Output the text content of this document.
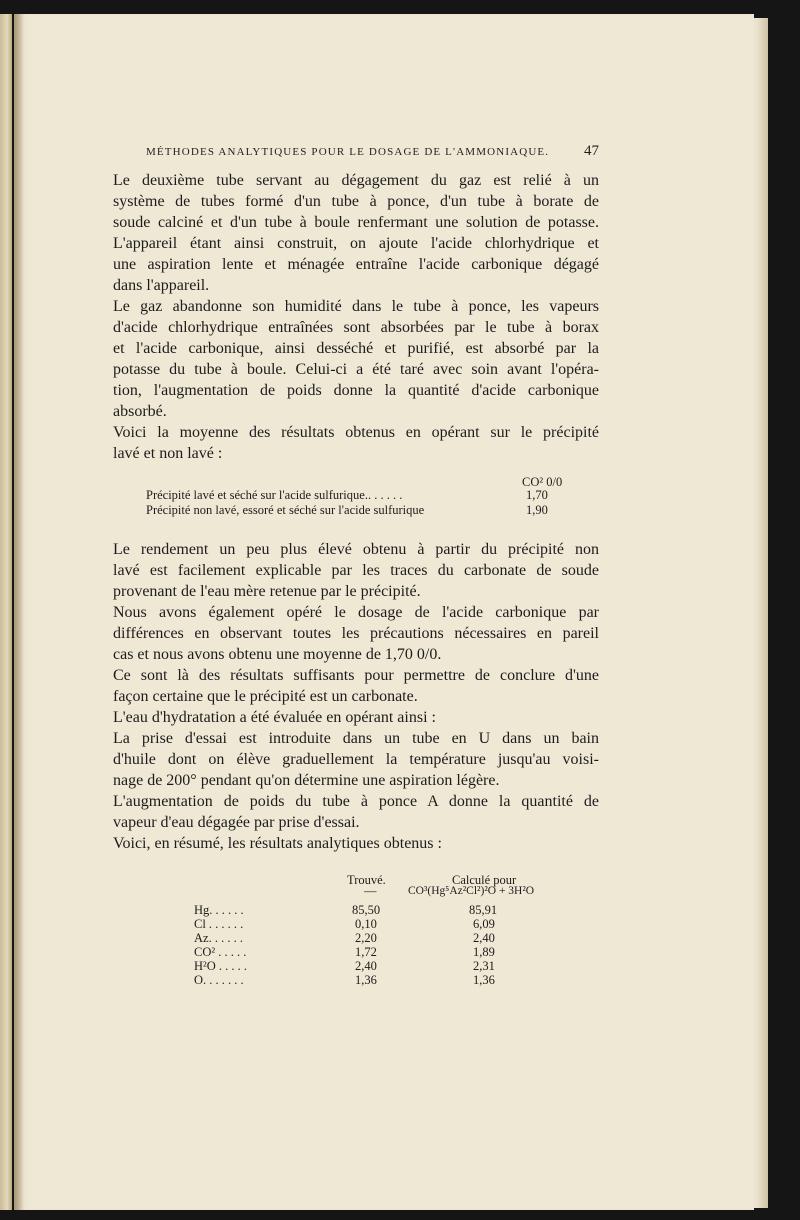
MÉTHODES ANALYTIQUES POUR LE DOSAGE DE L'AMMONIAQUE.	47
Le deuxième tube servant au dégagement du gaz est relié à un
système de tubes formé d'un tube à ponce, d'un tube à borate de
soude calciné et d'un tube à boule renfermant une solution de potasse.
L'appareil étant ainsi construit, on ajoute l'acide chlorhydrique et
une aspiration lente et ménagée entraîne l'acide carbonique dégagé
dans l'appareil.
Le gaz abandonne son humidité dans le tube à ponce, les vapeurs
d'acide chlorhydrique entraînées sont absorbées par le tube à borax
et l'acide carbonique, ainsi desséché et purifié, est absorbé par la
potasse du tube à boule. Celui-ci a été taré avec soin avant l'opéra-
tion, l'augmentation de poids donne la quantité d'acide carbonique
absorbé.
Voici la moyenne des résultats obtenus en opérant sur le précipité
lavé et non lavé :
CO² 0/0
Précipité lavé et séché sur l'acide sulfurique.. . . . . .	1,70
Précipité non lavé, essoré et séché sur l'acide sulfurique	1,90
Le rendement un peu plus élevé obtenu à partir du précipité non
lavé est facilement explicable par les traces du carbonate de soude
provenant de l'eau mère retenue par le précipité.
Nous avons également opéré le dosage de l'acide carbonique par
différences en observant toutes les précautions nécessaires en pareil
cas et nous avons obtenu une moyenne de 1,70 0/0.
Ce sont là des résultats suffisants pour permettre de conclure d'une
façon certaine que le précipité est un carbonate.
L'eau d'hydratation a été évaluée en opérant ainsi :
La prise d'essai est introduite dans un tube en U dans un bain
d'huile dont on élève graduellement la température jusqu'au voisi-
nage de 200° pendant qu'on détermine une aspiration légère.
L'augmentation de poids du tube à ponce A donne la quantité de
vapeur d'eau dégagée par prise d'essai.
Voici, en résumé, les résultats analytiques obtenus :
Trouvé.
—
Calculé pour
CO³(Hg⁵Az²Cl²)²O + 3H²O
Hg. . . . . .	85,50	85,91
Cl . . . . . .	0,10	6,09
Az. . . . . .	2,20	2,40
CO² . . . . .	1,72	1,89
H²O . . . . .	2,40	2,31
O. . . . . . .	1,36	1,36
